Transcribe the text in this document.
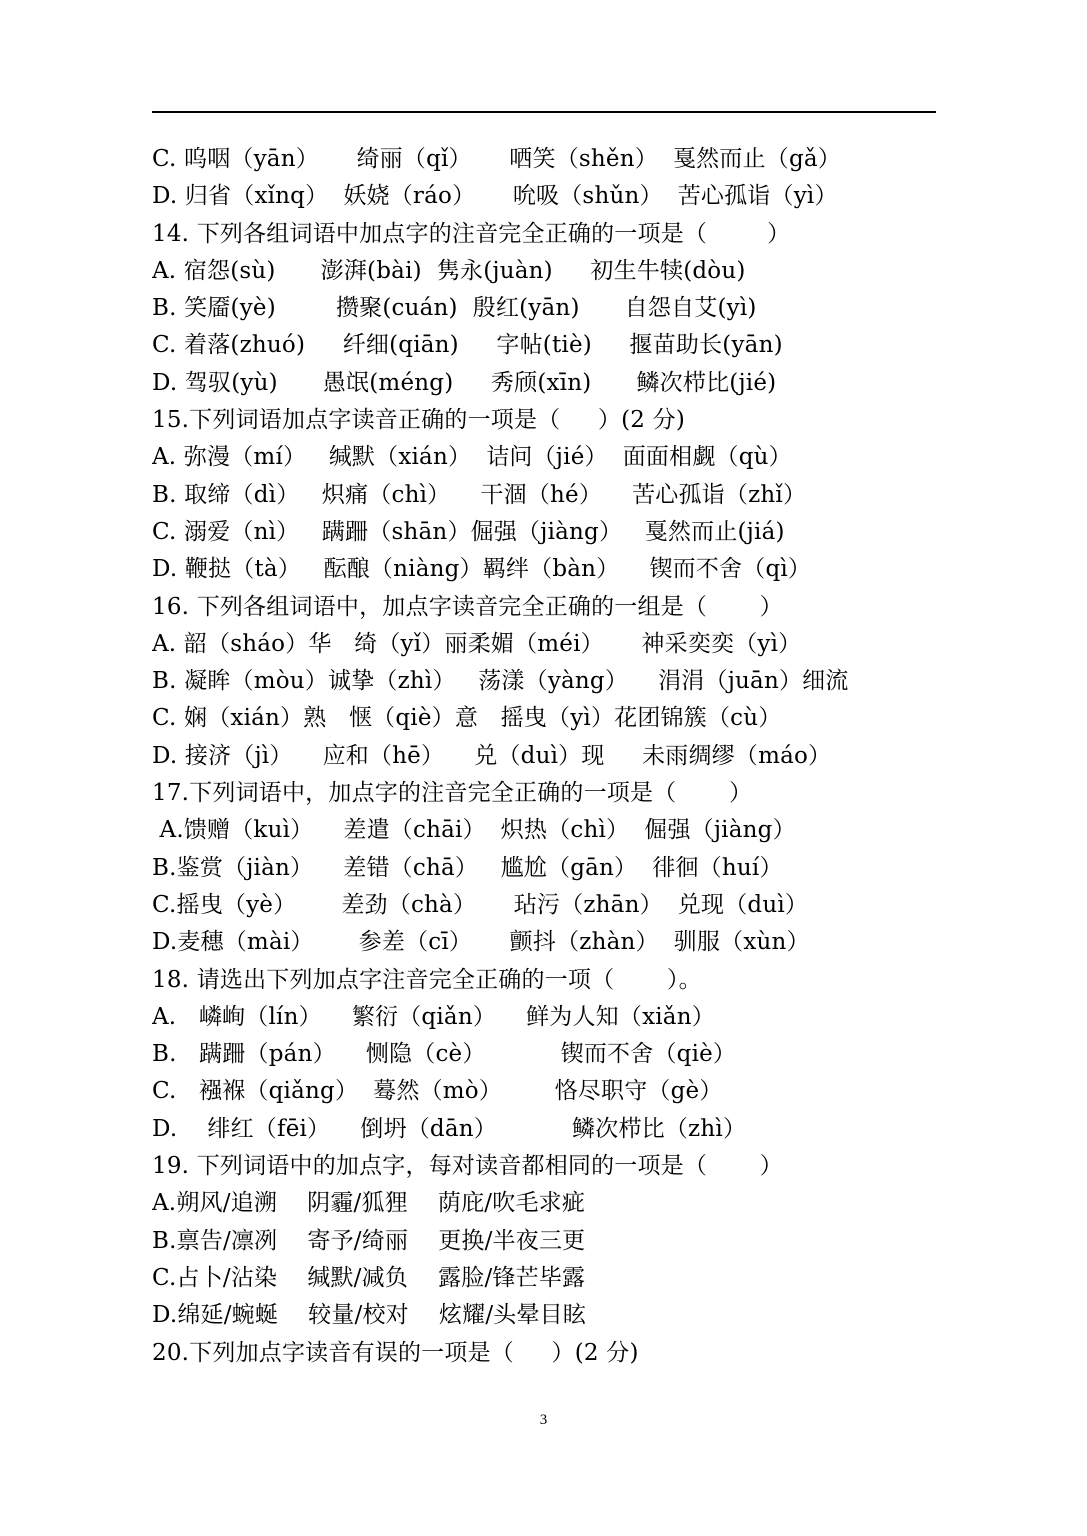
C. 呜咽（yān）     绮丽（qǐ）     哂笑（shěn）  戛然而止（gǎ）
D. 归省（xǐnq）  妖娆（ráo）     吮吸（shǔn）  苦心孤诣（yì）
14. 下列各组词语中加点字的注音完全正确的一项是（        ）
A. 宿怨(sù)      澎湃(bài)  隽永(juàn)     初生牛犊(dòu)
B. 笑靥(yè)        攒聚(cuán)  殷红(yān)      自怨自艾(yì)
C. 着落(zhuó)     纤细(qiān)     字帖(tiè)     揠苗助长(yān)
D. 驾驭(yù)      愚氓(méng)     秀颀(xīn)      鳞次栉比(jié)
15.下列词语加点字读音正确的一项是（     ）(2 分)
A. 弥漫（mí）   缄默（xián）  诘问（jié）  面面相觑（qù）
B. 取缔（dì）   炽痛（chì）    干涸（hé）    苦心孤诣（zhǐ）
C. 溺爱（nì）   蹒跚（shān）倔强（jiàng）   戛然而止(jiá)
D. 鞭挞（tà）   酝酿（niàng）羁绊（bàn）    锲而不舍（qì）
16. 下列各组词语中，加点字读音完全正确的一组是（       ）
A. 韶（sháo）华   绮（yǐ）丽柔媚（méi）     神采奕奕（yì）
B. 凝眸（mòu）诚挚（zhì）   荡漾（yàng）    涓涓（juān）细流
C. 娴（xián）熟   惬（qiè）意   摇曳（yì）花团锦簇（cù）
D. 接济（jì）    应和（hē）    兑（duì）现     未雨绸缪（máo）
17.下列词语中，加点字的注音完全正确的一项是（       ）
A.馈赠（kuì）    差遣（chāi）  炽热（chì）  倔强（jiàng）
B.鉴赏（jiàn）    差错（chā）   尴尬（gān）  徘徊（huí）
C.摇曳（yè）      差劲（chà）     玷污（zhān）  兑现（duì）
D.麦穗（mài）      参差（cī）     颤抖（zhàn）  驯服（xùn）
18. 请选出下列加点字注音完全正确的一项（       ）。
A.   嶙峋（lín）    繁衍（qiǎn）    鲜为人知（xiǎn）
B.   蹒跚（pán）    恻隐（cè）          锲而不舍（qiè）
C.   襁褓（qiǎng）  蓦然（mò）       恪尽职守（gè）
D.    绯红（fēi）    倒坍（dān）          鳞次栉比（zhì）
19. 下列词语中的加点字，每对读音都相同的一项是（       ）
A.朔风/追溯    阴霾/狐狸    荫庇/吹毛求疵
B.禀告/凛冽    寄予/绮丽    更换/半夜三更
C.占卜/沾染    缄默/减负    露脸/锋芒毕露
D.绵延/蜿蜒    较量/校对    炫耀/头晕目眩
20.下列加点字读音有误的一项是（     ）(2 分)
3
